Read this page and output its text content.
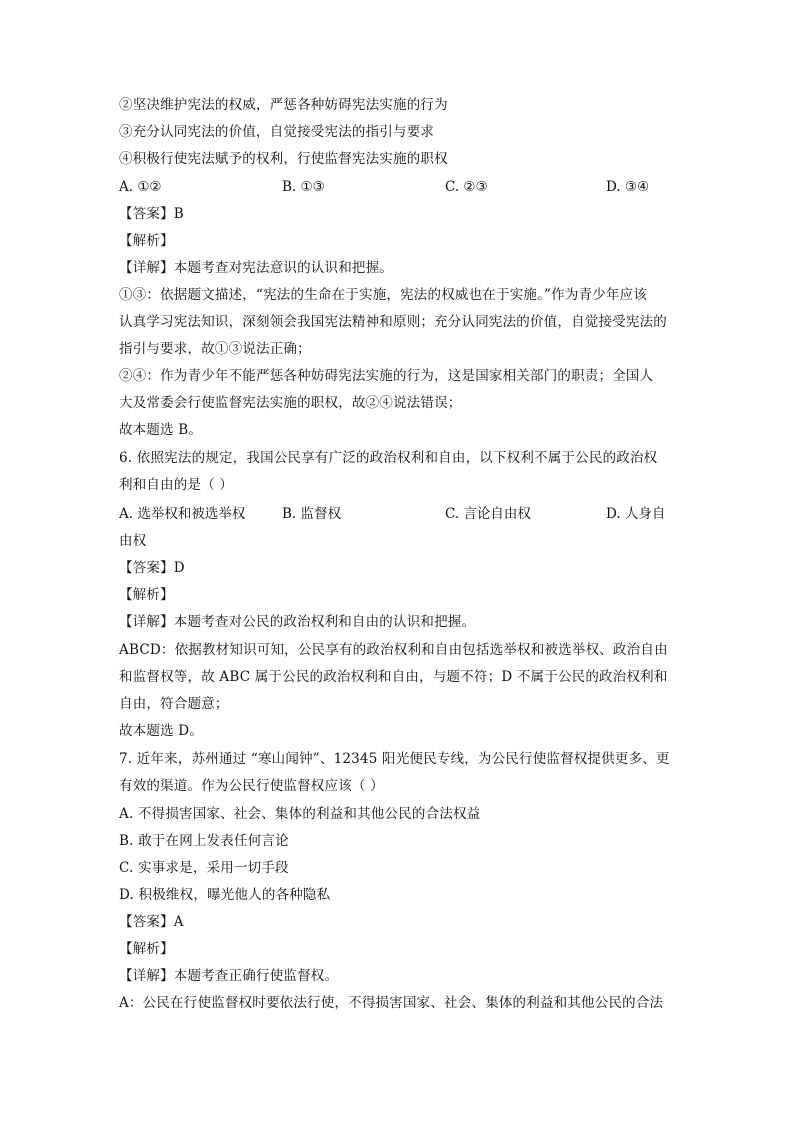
②坚决维护宪法的权威，严惩各种妨碍宪法实施的行为
③充分认同宪法的价值，自觉接受宪法的指引与要求
④积极行使宪法赋予的权利，行使监督宪法实施的职权
A. ①②	B. ①③	C. ②③	D. ③④
【答案】B
【解析】
【详解】本题考查对宪法意识的认识和把握。
①③：依据题文描述，“宪法的生命在于实施，宪法的权威也在于实施。”作为青少年应该
认真学习宪法知识，深刻领会我国宪法精神和原则；充分认同宪法的价值，自觉接受宪法的
指引与要求，故①③说法正确；
②④：作为青少年不能严惩各种妨碍宪法实施的行为，这是国家相关部门的职责；全国人
大及常委会行使监督宪法实施的职权，故②④说法错误；
故本题选 B。
6. 依照宪法的规定，我国公民享有广泛的政治权利和自由，以下权利不属于公民的政治权
利和自由的是（ ）
A. 选举权和被选举权	B. 监督权	C. 言论自由权	D. 人身自
由权
【答案】D
【解析】
【详解】本题考查对公民的政治权利和自由的认识和把握。
ABCD：依据教材知识可知，公民享有的政治权利和自由包括选举权和被选举权、政治自由
和监督权等，故 ABC 属于公民的政治权利和自由，与题不符；D 不属于公民的政治权利和
自由，符合题意；
故本题选 D。
7. 近年来，苏州通过 “寒山闻钟”、12345 阳光便民专线，为公民行使监督权提供更多、更
有效的渠道。作为公民行使监督权应该（ ）
A. 不得损害国家、社会、集体的利益和其他公民的合法权益
B. 敢于在网上发表任何言论
C. 实事求是，采用一切手段
D. 积极维权，曝光他人的各种隐私
【答案】A
【解析】
【详解】本题考查正确行使监督权。
A：公民在行使监督权时要依法行使，不得损害国家、社会、集体的利益和其他公民的合法
